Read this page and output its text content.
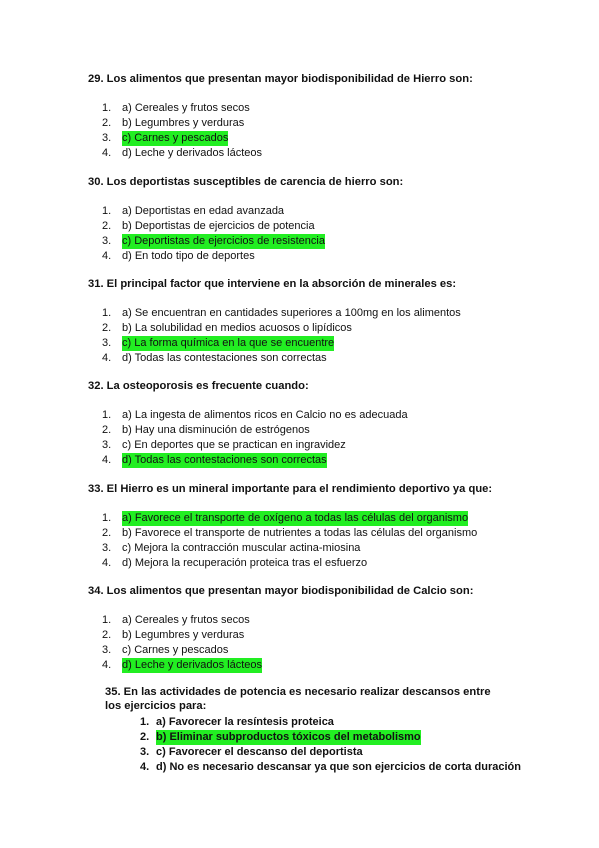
29. Los alimentos que presentan mayor biodisponibilidad de Hierro son:

1. a) Cereales y frutos secos
2. b) Legumbres y verduras
3. c) Carnes y pescados
4. d) Leche y derivados lácteos

30. Los deportistas susceptibles de carencia de hierro son:

1. a) Deportistas en edad avanzada
2. b) Deportistas de ejercicios de potencia
3. c) Deportistas de ejercicios de resistencia
4. d) En todo tipo de deportes

31. El principal factor que interviene en la absorción de minerales es:

1. a) Se encuentran en cantidades superiores a 100mg en los alimentos
2. b) La solubilidad en medios acuosos o lipídicos
3. c) La forma química en la que se encuentre
4. d) Todas las contestaciones son correctas

32. La osteoporosis es frecuente cuando:

1. a) La ingesta de alimentos ricos en Calcio no es adecuada
2. b) Hay una disminución de estrógenos
3. c) En deportes que se practican en ingravidez
4. d) Todas las contestaciones son correctas

33. El Hierro es un mineral importante para el rendimiento deportivo ya que:

1. a) Favorece el transporte de oxígeno a todas las células del organismo
2. b) Favorece el transporte de nutrientes a todas las células del organismo
3. c) Mejora la contracción muscular actina-miosina
4. d) Mejora la recuperación proteica tras el esfuerzo

34. Los alimentos que presentan mayor biodisponibilidad de Calcio son:

1. a) Cereales y frutos secos
2. b) Legumbres y verduras
3. c) Carnes y pescados
4. d) Leche y derivados lácteos

35. En las actividades de potencia es necesario realizar descansos entre los ejercicios para:

1. a) Favorecer la resíntesis proteica
2. b) Eliminar subproductos tóxicos del metabolismo
3. c) Favorecer el descanso del deportista
4. d) No es necesario descansar ya que son ejercicios de corta duración
